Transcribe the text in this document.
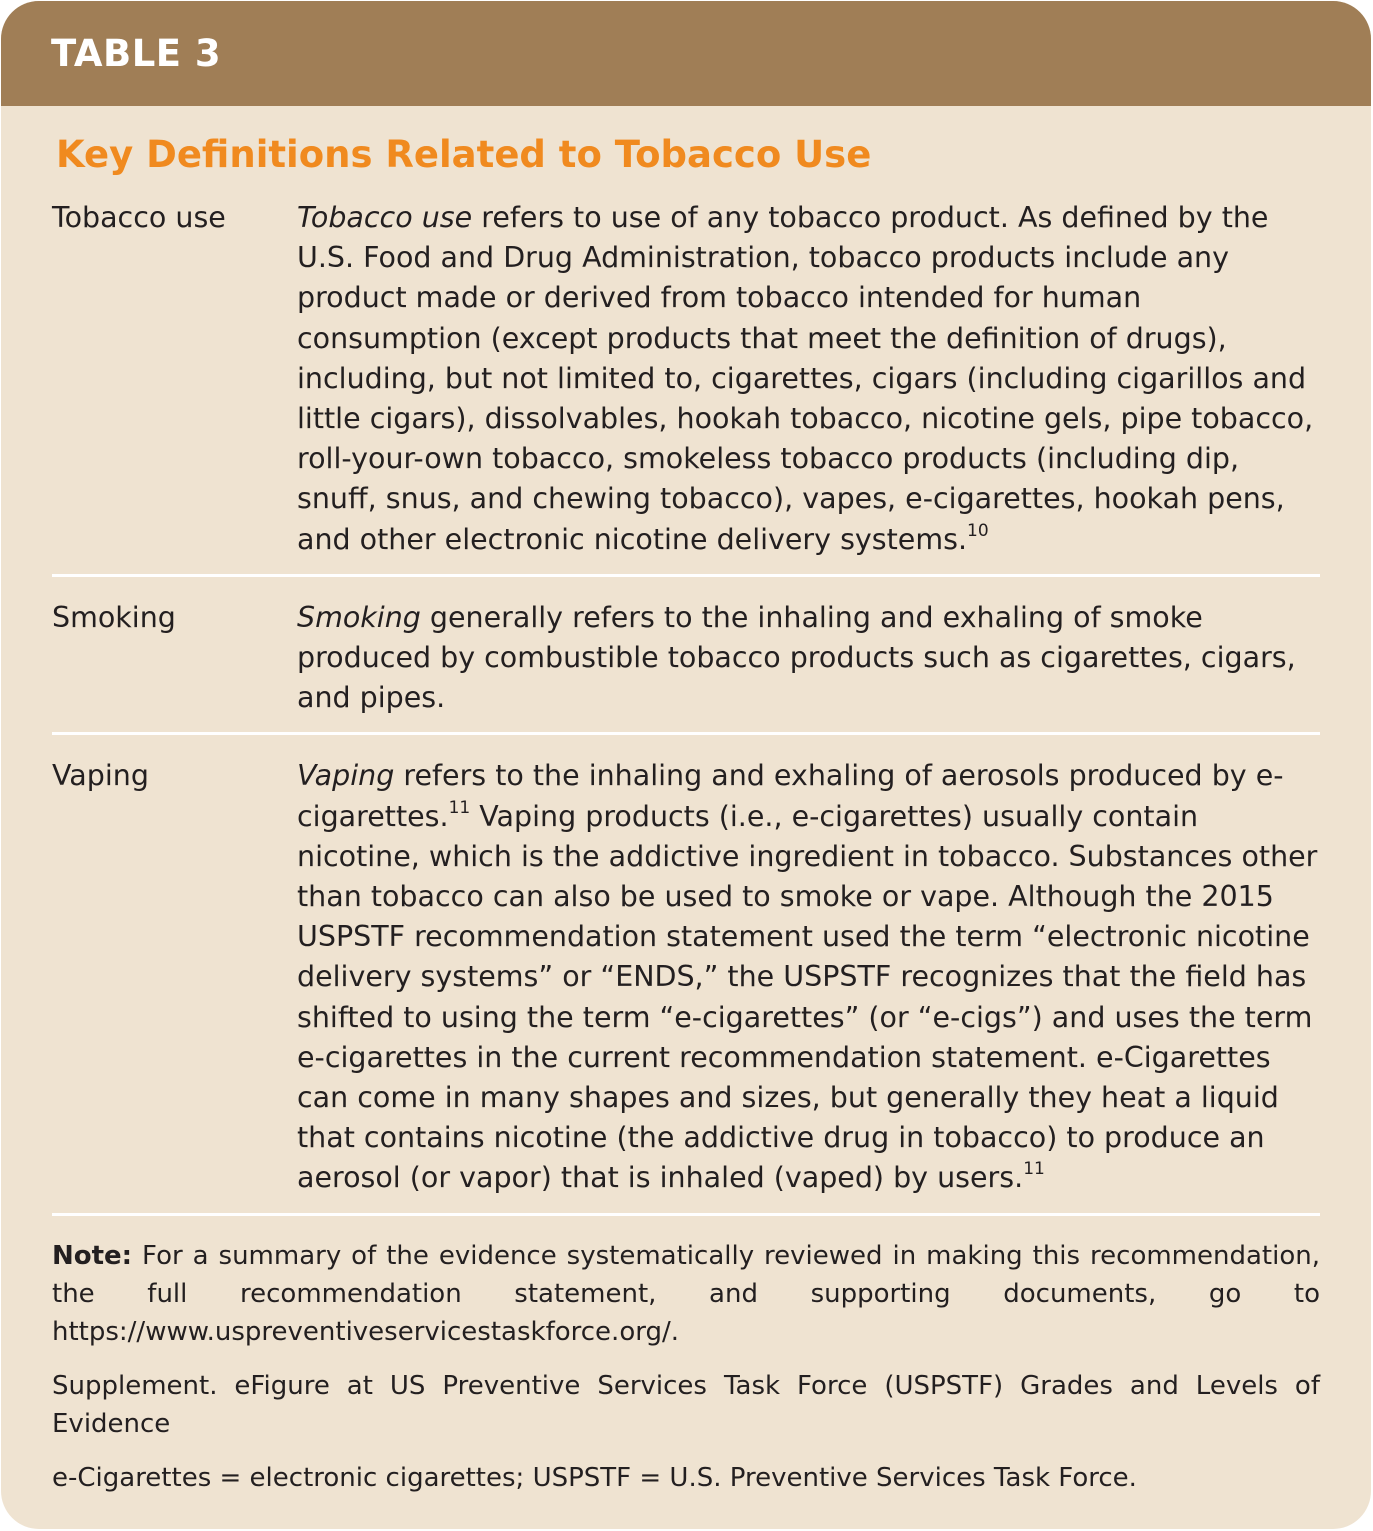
TABLE 3
Key Definitions Related to Tobacco Use
Tobacco use	Tobacco use refers to use of any tobacco product. As defined by the U.S. Food and Drug Administration, tobacco products include any product made or derived from tobacco intended for human consumption (except products that meet the definition of drugs), including, but not limited to, cigarettes, cigars (including cigarillos and little cigars), dissolvables, hookah tobacco, nicotine gels, pipe tobacco, roll-your-own tobacco, smokeless tobacco products (including dip, snuff, snus, and chewing tobacco), vapes, e-cigarettes, hookah pens, and other electronic nicotine delivery systems.$^{10}$
Smoking	Smoking generally refers to the inhaling and exhaling of smoke produced by combustible tobacco products such as cigarettes, cigars, and pipes.
Vaping	Vaping refers to the inhaling and exhaling of aerosols produced by e-cigarettes.$^{11}$ Vaping products (i.e., e-cigarettes) usually contain nicotine, which is the addictive ingredient in tobacco. Substances other than tobacco can also be used to smoke or vape. Although the 2015 USPSTF recommendation statement used the term “electronic nicotine delivery systems” or “ENDS,” the USPSTF recognizes that the field has shifted to using the term “e-cigarettes” (or “e-cigs”) and uses the term e-cigarettes in the current recommendation statement. e-Cigarettes can come in many shapes and sizes, but generally they heat a liquid that contains nicotine (the addictive drug in tobacco) to produce an aerosol (or vapor) that is inhaled (vaped) by users.$^{11}$

Note: For a summary of the evidence systematically reviewed in making this recommendation, the full recommendation statement, and supporting documents, go to https://www.uspreventiveservicestaskforce.org/.

Supplement. eFigure at US Preventive Services Task Force (USPSTF) Grades and Levels of Evidence

e-Cigarettes = electronic cigarettes; USPSTF = U.S. Preventive Services Task Force.
